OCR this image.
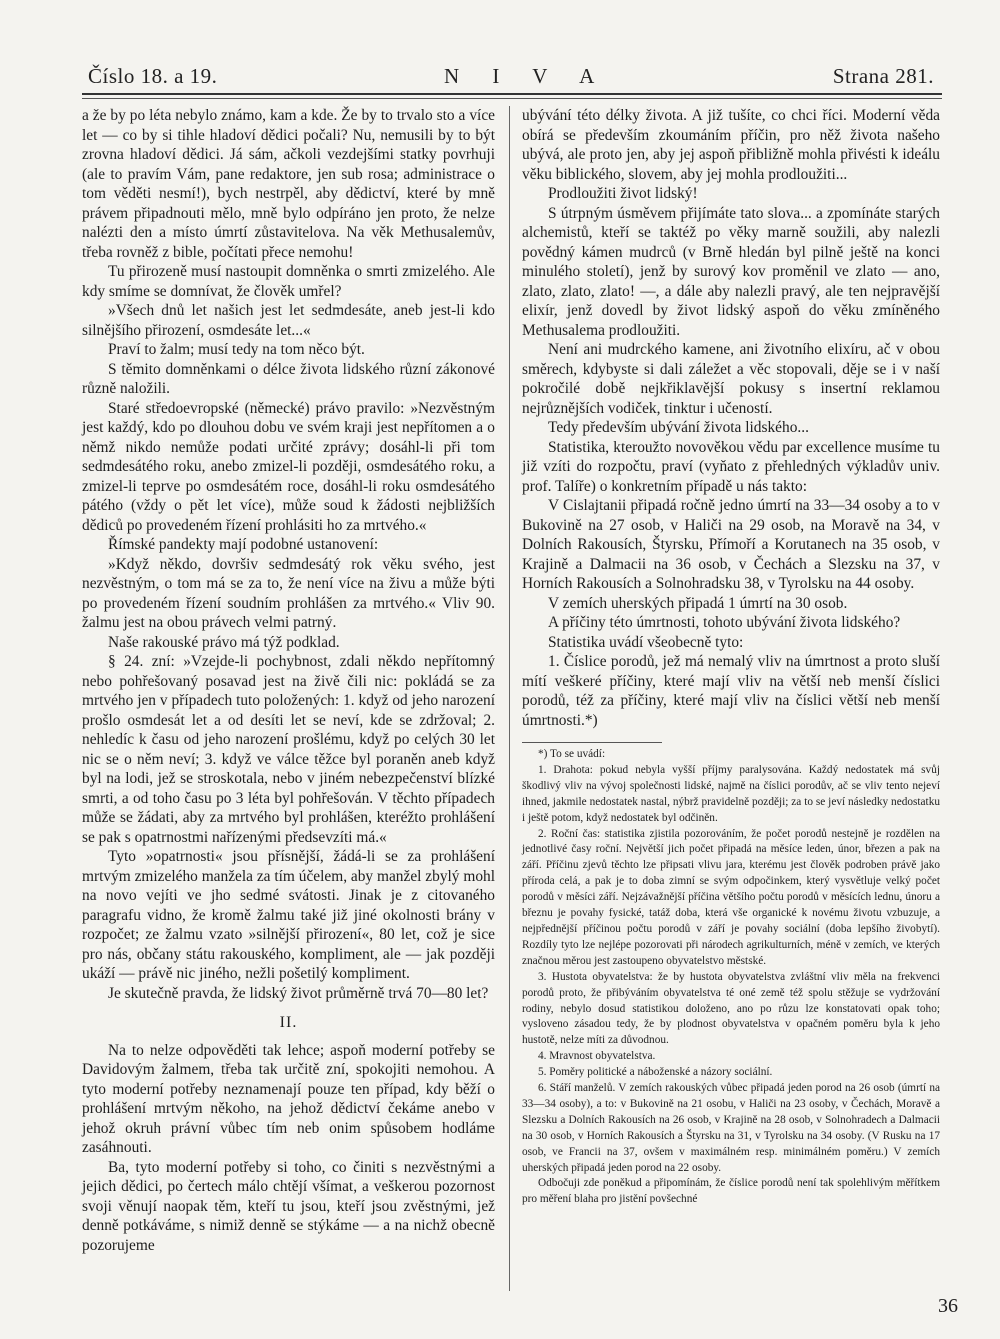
Číslo 18. a 19.	N I V A	Strana 281.

a že by po léta nebylo známo, kam a kde. Že by to trvalo sto a více let — co by si tihle hladoví dědici počali? Nu, nemusili by to být zrovna hladoví dědici. Já sám, ačkoli vezdejšími statky povrhuji (ale to pravím Vám, pane redaktore, jen sub rosa; administrace o tom věděti nesmí!), bych nestrpěl, aby dědictví, které by mně právem připadnouti mělo, mně bylo odpíráno jen proto, že nelze nalézti den a místo úmrtí zůstavitelova. Na věk Methusalemův, třeba rovněž z bible, počítati přece nemohu!

Tu přirozeně musí nastoupit domněnka o smrti zmizelého. Ale kdy smíme se domnívat, že člověk umřel?

»Všech dnů let našich jest let sedmdesáte, aneb jest-li kdo silnějšího přirození, osmdesáte let...«

Praví to žalm; musí tedy na tom něco být.

S těmito domněnkami o délce života lidského různí zákonové různě naložili.

Staré středoevropské (německé) právo pravilo: »Nezvěstným jest každý, kdo po dlouhou dobu ve svém kraji jest nepřítomen a o němž nikdo nemůže podati určité zprávy; dosáhl-li při tom sedmdesátého roku, anebo zmizel-li později, osmdesátého roku, a zmizel-li teprve po osmdesátém roce, dosáhl-li roku osmdesátého pátého (vždy o pět let více), může soud k žádosti nejbližších dědiců po provedeném řízení prohlásiti ho za mrtvého.«

Římské pandekty mají podobné ustanovení:

»Když někdo, dovršiv sedmdesátý rok věku svého, jest nezvěstným, o tom má se za to, že není více na živu a může býti po provedeném řízení soudním prohlášen za mrtvého.« Vliv 90. žalmu jest na obou právech velmi patrný.

Naše rakouské právo má týž podklad.

§ 24. zní: »Vzejde-li pochybnost, zdali někdo nepřítomný nebo pohřešovaný posavad jest na živě čili nic: pokládá se za mrtvého jen v případech tuto položených: 1. když od jeho narození prošlo osmdesát let a od desíti let se neví, kde se zdržoval; 2. nehledíc k času od jeho narození prošlému, když po celých 30 let nic se o něm neví; 3. když ve válce těžce byl poraněn aneb když byl na lodi, jež se stroskotala, nebo v jiném nebezpečenství blízké smrti, a od toho času po 3 léta byl pohřešován. V těchto případech může se žádati, aby za mrtvého byl prohlášen, kteréžto prohlášení se pak s opatrnostmi nařízenými předsevzíti má.«

Tyto »opatrnosti« jsou přísnější, žádá-li se za prohlášení mrtvým zmizelého manžela za tím účelem, aby manžel zbylý mohl na novo vejíti ve jho sedmé svátosti. Jinak je z citovaného paragrafu vidno, že kromě žalmu také již jiné okolnosti brány v rozpočet; ze žalmu vzato »silnější přirození«, 80 let, což je sice pro nás, občany státu rakouského, kompliment, ale — jak později ukáží — právě nic jiného, nežli pošetilý kompliment.

Je skutečně pravda, že lidský život průměrně trvá 70—80 let?

II.

Na to nelze odpověděti tak lehce; aspoň moderní potřeby se Davidovým žalmem, třeba tak určitě zní, spokojiti nemohou. A tyto moderní potřeby neznamenají pouze ten případ, kdy běží o prohlášení mrtvým někoho, na jehož dědictví čekáme anebo v jehož okruh právní vůbec tím neb onim spůsobem hodláme zasáhnouti.

Ba, tyto moderní potřeby si toho, co činiti s nezvěstnými a jejich dědici, po čertech málo chtějí všímat, a veškerou pozornost svoji věnují naopak těm, kteří tu jsou, kteří jsou zvěstnými, jež denně potkáváme, s nimiž denně se stýkáme — a na nichž obecně pozorujeme

ubývání této délky života. A již tušíte, co chci říci. Moderní věda obírá se především zkoumáním příčin, pro něž života našeho ubývá, ale proto jen, aby jej aspoň přibližně mohla přivésti k ideálu věku biblického, slovem, aby jej mohla prodloužiti...

Prodloužiti život lidský!

S útrpným úsměvem přijímáte tato slova... a zpomínáte starých alchemistů, kteří se taktéž po věky marně soužili, aby nalezli povědný kámen mudrců (v Brně hledán byl pilně ještě na konci minulého století), jenž by surový kov proměnil ve zlato — ano, zlato, zlato, zlato! —, a dále aby nalezli pravý, ale ten nejpravější elixír, jenž dovedl by život lidský aspoň do věku zmíněného Methusalema prodloužiti.

Není ani mudrckého kamene, ani životního elixíru, ač v obou směrech, kdybyste si dali záležet a věc stopovali, děje se i v naší pokročilé době nejkřiklavější pokusy s insertní reklamou nejrůznějších vodiček, tinktur i učeností.

Tedy především ubývání života lidského...

Statistika, kteroužto novověkou vědu par excellence musíme tu již vzíti do rozpočtu, praví (vyňato z přehledných výkladův univ. prof. Talíře) o konkretním případě u nás takto:

V Cislajtanii připadá ročně jedno úmrtí na 33—34 osoby a to v Bukovině na 27 osob, v Haliči na 29 osob, na Moravě na 34, v Dolních Rakousích, Štyrsku, Přímoří a Korutanech na 35 osob, v Krajině a Dalmacii na 36 osob, v Čechách a Slezsku na 37, v Horních Rakousích a Solnohradsku 38, v Tyrolsku na 44 osoby.

V zemích uherských připadá 1 úmrtí na 30 osob.

A příčiny této úmrtnosti, tohoto ubývání života lidského?

Statistika uvádí všeobecně tyto:

1. Číslice porodů, jež má nemalý vliv na úmrtnost a proto sluší mítí veškeré příčiny, které mají vliv na větší neb menší číslici porodů, též za příčiny, které mají vliv na číslici větší neb menší úmrtnosti.*)

*) To se uvádí:

1. Drahota: pokud nebyla vyšší příjmy paralysována. Každý nedostatek má svůj škodlivý vliv na vývoj společnosti lidské, najmě na číslici porodův, ač se vliv tento nejeví ihned, jakmile nedostatek nastal, nýbrž pravidelně později; za to se jeví následky nedostatku i ještě potom, když nedostatek byl odčiněn.

2. Roční čas: statistika zjistila pozorováním, že počet porodů nestejně je rozdělen na jednotlivé časy roční. Největší jich počet připadá na měsíce leden, únor, březen a pak na září. Příčinu zjevů těchto lze připsati vlivu jara, kterému jest člověk podroben právě jako příroda celá, a pak je to doba zimní se svým odpočinkem, který vysvětluje velký počet porodů v měsíci září. Nejzávažnější příčina většího počtu porodů v měsících lednu, únoru a březnu je povahy fysické, tatáž doba, která vše organické k novému životu vzbuzuje, a nejpřednější příčinou počtu porodů v září je povahy sociální (doba lepšího živobytí). Rozdíly tyto lze nejlépe pozorovati při národech agrikulturních, méně v zemích, ve kterých značnou měrou jest zastoupeno obyvatelstvo městské.

3. Hustota obyvatelstva: že by hustota obyvatelstva zvláštní vliv měla na frekvenci porodů proto, že přibýváním obyvatelstva té oné země též spolu stěžuje se vydržování rodiny, nebylo dosud statistikou doloženo, ano po růzu lze konstatovati opak toho; vysloveno zásadou tedy, že by plodnost obyvatelstva v opačném poměru byla k jeho hustotě, nelze míti za důvodnou.

4. Mravnost obyvatelstva.

5. Poměry politické a náboženské a názory sociální.

6. Stáří manželů. V zemích rakouských vůbec připadá jeden porod na 26 osob (úmrtí na 33—34 osoby), a to: v Bukovině na 21 osobu, v Haliči na 23 osoby, v Čechách, Moravě a Slezsku a Dolních Rakousích na 26 osob, v Krajině na 28 osob, v Solnohradech a Dalmacii na 30 osob, v Horních Rakousích a Štyrsku na 31, v Tyrolsku na 34 osoby. (V Rusku na 17 osob, ve Francii na 37, ovšem v maximálném resp. minimálném poměru.) V zemích uherských připadá jeden porod na 22 osoby.

Odbočuji zde poněkud a připomínám, že číslice porodů není tak spolehlivým měřítkem pro měření blaha pro jistění povšechné

36
